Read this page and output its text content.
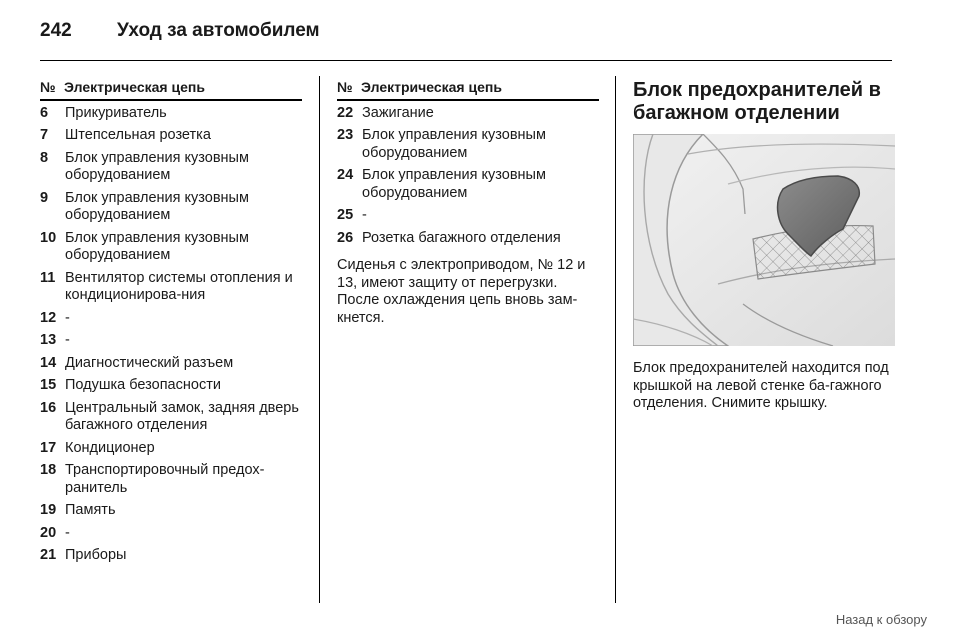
242 Уход за автомобилем
№ Электрическая цепь
6	Прикуриватель
7	Штепсельная розетка
8	Блок управления кузовным оборудованием
9	Блок управления кузовным оборудованием
10 Блок управления кузовным оборудованием
11 Вентилятор системы отопления и кондиционирова-ния
12 -
13 -
14 Диагностический разъем
15 Подушка безопасности
16 Центральный замок, задняя дверь багажного отделения
17 Кондиционер
18 Транспортировочный предох-ранитель
19 Память
20 -
21 Приборы
№ Электрическая цепь
22 Зажигание
23 Блок управления кузовным оборудованием
24 Блок управления кузовным оборудованием
25 -
26 Розетка багажного отделения
Сиденья с электроприводом, № 12 и 13, имеют защиту от перегрузки. После охлаждения цепь вновь зам-кнется.
Блок предохранителей в багажном отделении
Блок предохранителей находится под крышкой на левой стенке ба-гажного отделения. Снимите крышку.
Назад к обзору
